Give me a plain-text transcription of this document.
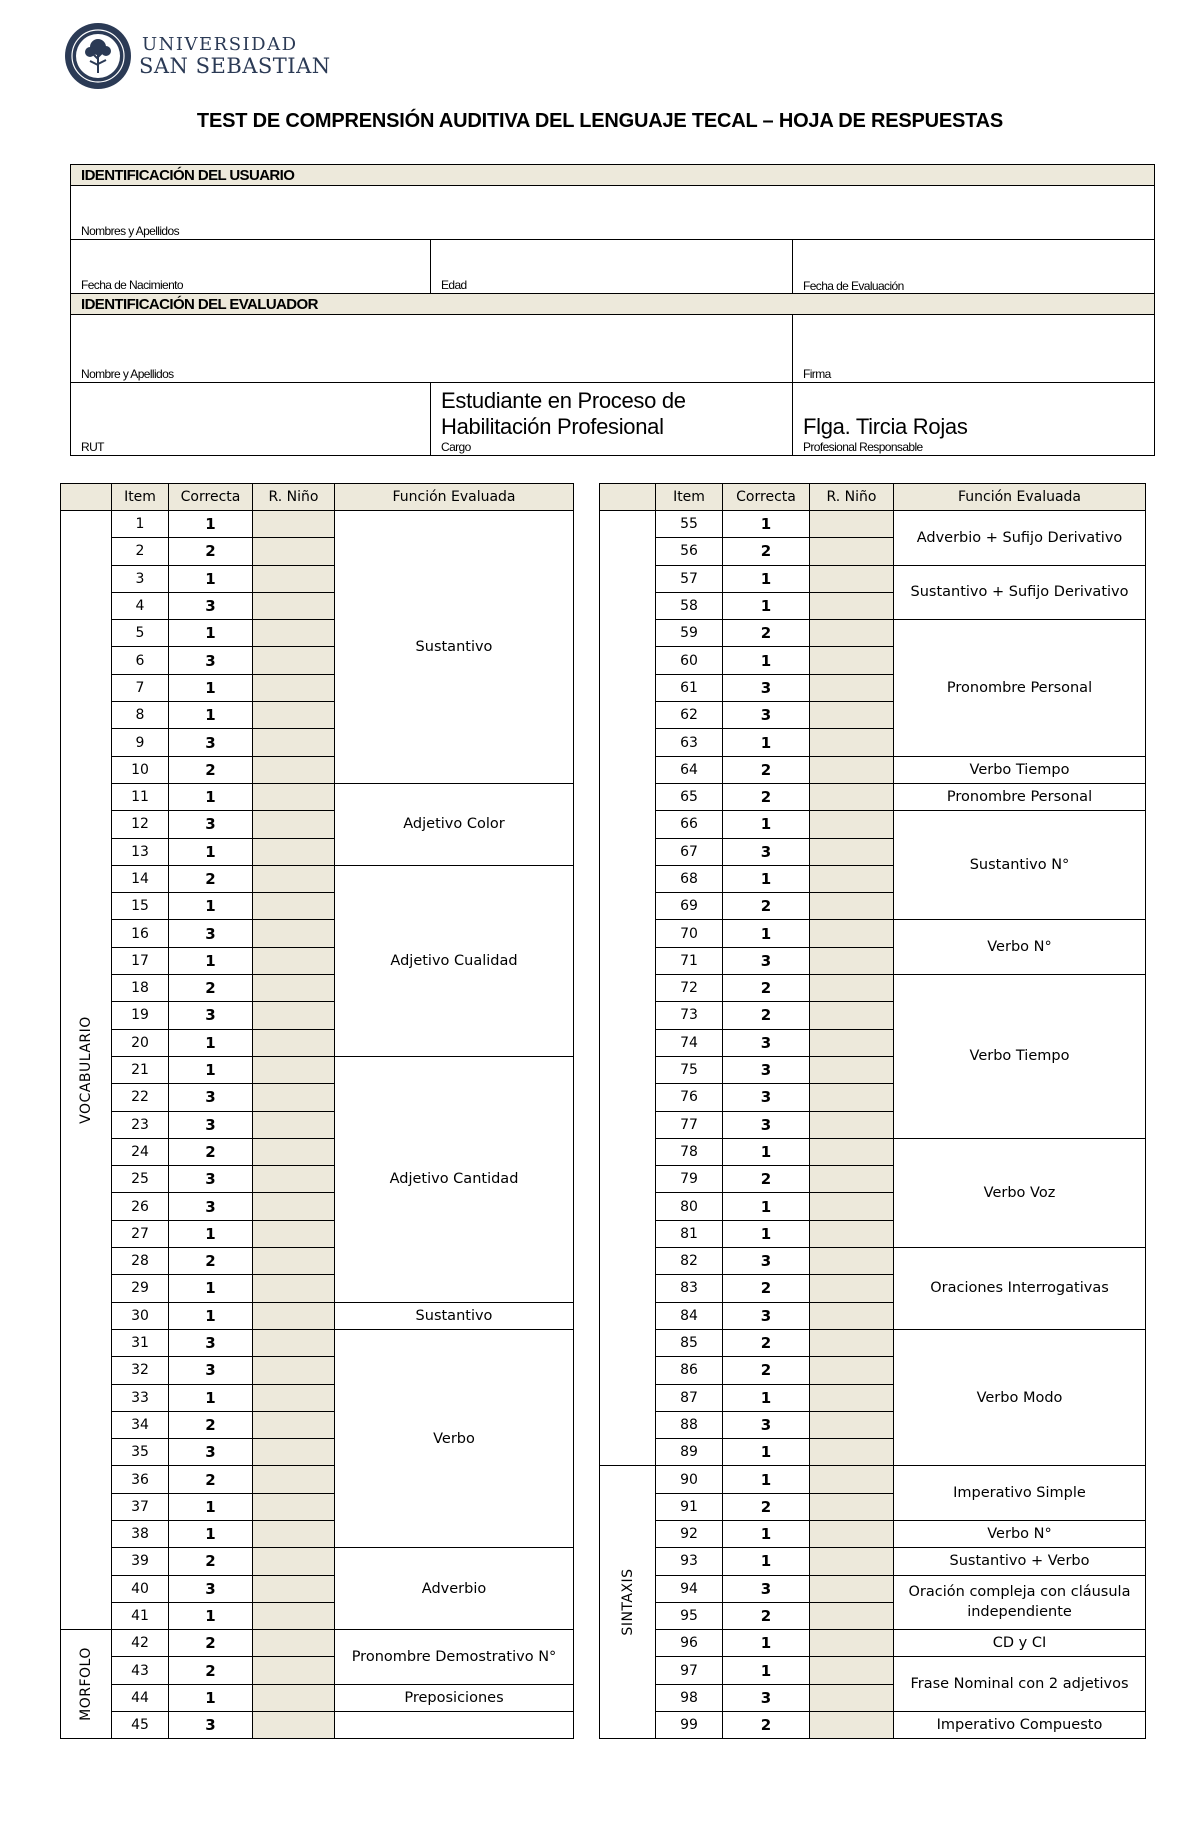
UNIVERSIDAD
SAN SEBASTIAN
TEST DE COMPRENSIÓN AUDITIVA DEL LENGUAJE TECAL – HOJA DE RESPUESTAS
IDENTIFICACIÓN DEL USUARIO		

Nombres y Apellidos		

Fecha de Nacimiento	Edad	Fecha de Evaluación

IDENTIFICACIÓN DEL EVALUADOR		

Nombre y Apellidos		Firma

RUT	Estudiante en Proceso de Habilitación Profesional
Cargo	Flga. Tircia Rojas
Profesional Responsable
	Item	Correcta	R. Niño	Función Evaluada

VOCABULARIO	1	1		Sustantivo
	2	2		
	3	1		
	4	3		
	5	1		
	6	3		
	7	1		
	8	1		
	9	3		
	10	2		
	11	1		Adjetivo Color
	12	3		
	13	1		
	14	2		Adjetivo Cualidad
	15	1		
	16	3		
	17	1		
	18	2		
	19	3		
	20	1		
	21	1		Adjetivo Cantidad
	22	3		
	23	3		
	24	2		
	25	3		
	26	3		
	27	1		
	28	2		
	29	1		
	30	1		Sustantivo
	31	3		Verbo
	32	3		
	33	1		
	34	2		
	35	3		
	36	2		
	37	1		
	38	1		
	39	2		Adverbio
	40	3		
	41	1		

MORFOLO	42	2		Pronombre Demostrativo N°
	43	2		
	44	1		Preposiciones
	45	3		
	Item	Correcta	R. Niño	Función Evaluada

	55	1		Adverbio + Sufijo Derivativo
	56	2		
	57	1		Sustantivo + Sufijo Derivativo
	58	1		
	59	2		Pronombre Personal
	60	1		
	61	3		
	62	3		
	63	1		
	64	2		Verbo Tiempo
	65	2		Pronombre Personal
	66	1		Sustantivo N°
	67	3		
	68	1		
	69	2		
	70	1		Verbo N°
	71	3		
	72	2		Verbo Tiempo
	73	2		
	74	3		
	75	3		
	76	3		
	77	3		
	78	1		Verbo Voz
	79	2		
	80	1		
	81	1		
	82	3		Oraciones Interrogativas
	83	2		
	84	3		
	85	2		Verbo Modo
	86	2		
	87	1		
	88	3		
	89	1		

SINTAXIS	90	1		Imperativo Simple
	91	2		
	92	1		Verbo N°
	93	1		Sustantivo + Verbo
	94	3		Oración compleja con cláusula independiente
	95	2		
	96	1		CD y CI
	97	1		Frase Nominal con 2 adjetivos
	98	3		
	99	2		Imperativo Compuesto
